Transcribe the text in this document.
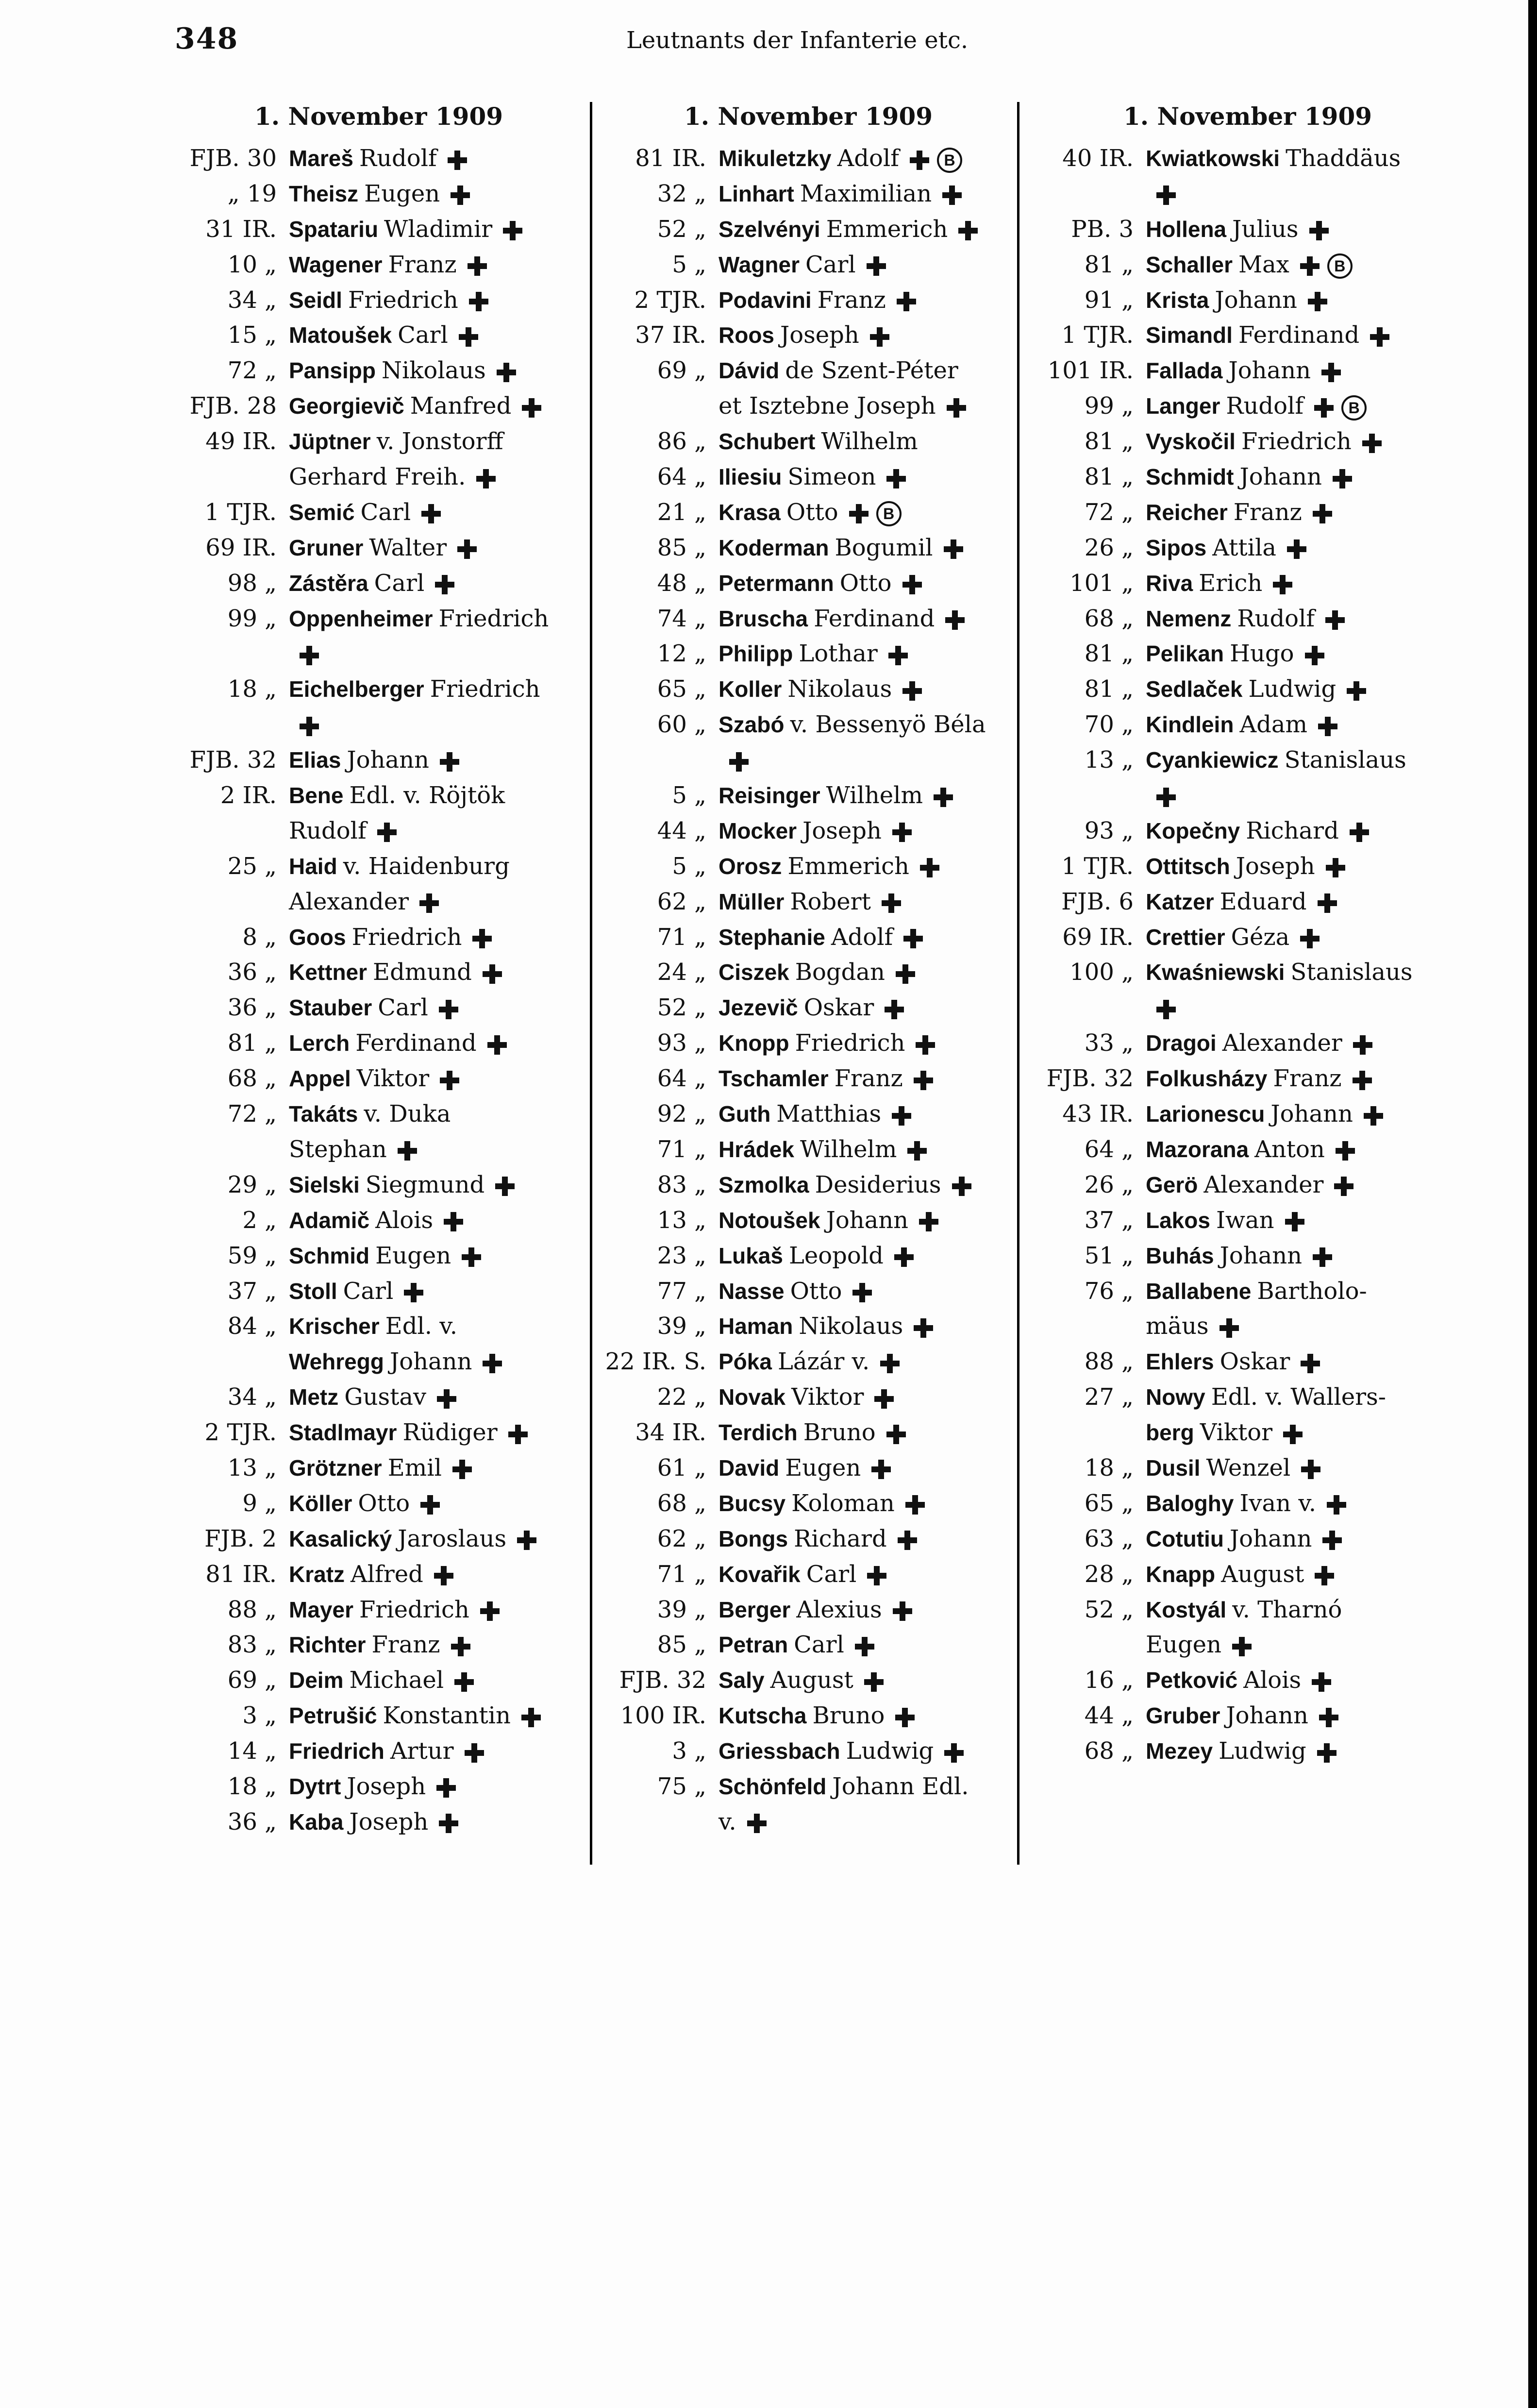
348	Leutnants der Infanterie etc.
1. November 1909
FJB. 30 Mareš Rudolf
„ 19 Theisz Eugen
31 IR. Spatariu Wladimir
10 „ Wagener Franz
34 „ Seidl Friedrich
15 „ Matoušek Carl
72 „ Pansipp Nikolaus
FJB. 28 Georgievič Manfred
49 IR. Jüptner v. Jonstorff
Gerhard Freih.
1 TJR. Semić Carl
69 IR. Gruner Walter
98 „ Zástěra Carl
99 „ Oppenheimer Friedrich
18 „ Eichelberger Friedrich
FJB. 32 Elias Johann
2 IR. Bene Edl. v. Röjtök
Rudolf
25 „ Haid v. Haidenburg
Alexander
8 „ Goos Friedrich
36 „ Kettner Edmund
36 „ Stauber Carl
81 „ Lerch Ferdinand
68 „ Appel Viktor
72 „ Takáts v. Duka
Stephan
29 „ Sielski Siegmund
2 „ Adamič Alois
59 „ Schmid Eugen
37 „ Stoll Carl
84 „ Krischer Edl. v.
Wehregg Johann
34 „ Metz Gustav
2 TJR. Stadlmayr Rüdiger
13 „ Grötzner Emil
9 „ Köller Otto
FJB. 2 Kasalický Jaroslaus
81 IR. Kratz Alfred
88 „ Mayer Friedrich
83 „ Richter Franz
69 „ Deim Michael
3 „ Petrušić Konstantin
14 „ Friedrich Artur
18 „ Dytrt Joseph
36 „ Kaba Joseph
1. November 1909
81 IR. Mikuletzky Adolf	B
32 „ Linhart Maximilian
52 „ Szelvényi Emmerich
5 „ Wagner Carl
2 TJR. Podavini Franz
37 IR. Roos Joseph
69 „ Dávid de Szent-Péter
et Isztebne Joseph
86 „ Schubert Wilhelm
64 „ Iliesiu Simeon
21 „ Krasa Otto	B
85 „ Koderman Bogumil
48 „ Petermann Otto
74 „ Bruscha Ferdinand
12 „ Philipp Lothar
65 „ Koller Nikolaus
60 „ Szabó v. Bessenyö Béla
5 „ Reisinger Wilhelm
44 „ Mocker Joseph
5 „ Orosz Emmerich
62 „ Müller Robert
71 „ Stephanie Adolf
24 „ Ciszek Bogdan
52 „ Jezevič Oskar
93 „ Knopp Friedrich
64 „ Tschamler Franz
92 „ Guth Matthias
71 „ Hrádek Wilhelm
83 „ Szmolka Desiderius
13 „ Notoušek Johann
23 „ Lukaš Leopold
77 „ Nasse Otto
39 „ Haman Nikolaus
22 IR. S. Póka Lázár v.
22 „ Novak Viktor
34 IR. Terdich Bruno
61 „ David Eugen
68 „ Bucsy Koloman
62 „ Bongs Richard
71 „ Kovařik Carl
39 „ Berger Alexius
85 „ Petran Carl
FJB. 32 Saly August
100 IR. Kutscha Bruno
3 „ Griessbach Ludwig
75 „ Schönfeld Johann Edl.
v.
1. November 1909
40 IR. Kwiatkowski Thaddäus
PB. 3 Hollena Julius
81 „ Schaller Max	B
91 „ Krista Johann
1 TJR. Simandl Ferdinand
101 IR. Fallada Johann
99 „ Langer Rudolf	B
81 „ Vyskočil Friedrich
81 „ Schmidt Johann
72 „ Reicher Franz
26 „ Sipos Attila
101 „ Riva Erich
68 „ Nemenz Rudolf
81 „ Pelikan Hugo
81 „ Sedlaček Ludwig
70 „ Kindlein Adam
13 „ Cyankiewicz Stanislaus
93 „ Kopečny Richard
1 TJR. Ottitsch Joseph
FJB. 6 Katzer Eduard
69 IR. Crettier Géza
100 „ Kwaśniewski Stanislaus
33 „ Dragoi Alexander
FJB. 32 Folkusházy Franz
43 IR. Larionescu Johann
64 „ Mazorana Anton
26 „ Gerö Alexander
37 „ Lakos Iwan
51 „ Buhás Johann
76 „ Ballabene Bartholo-
mäus
88 „ Ehlers Oskar
27 „ Nowy Edl. v. Wallers-
berg Viktor
18 „ Dusil Wenzel
65 „ Baloghy Ivan v.
63 „ Cotutiu Johann
28 „ Knapp August
52 „ Kostyál v. Tharnó
Eugen
16 „ Petković Alois
44 „ Gruber Johann
68 „ Mezey Ludwig
